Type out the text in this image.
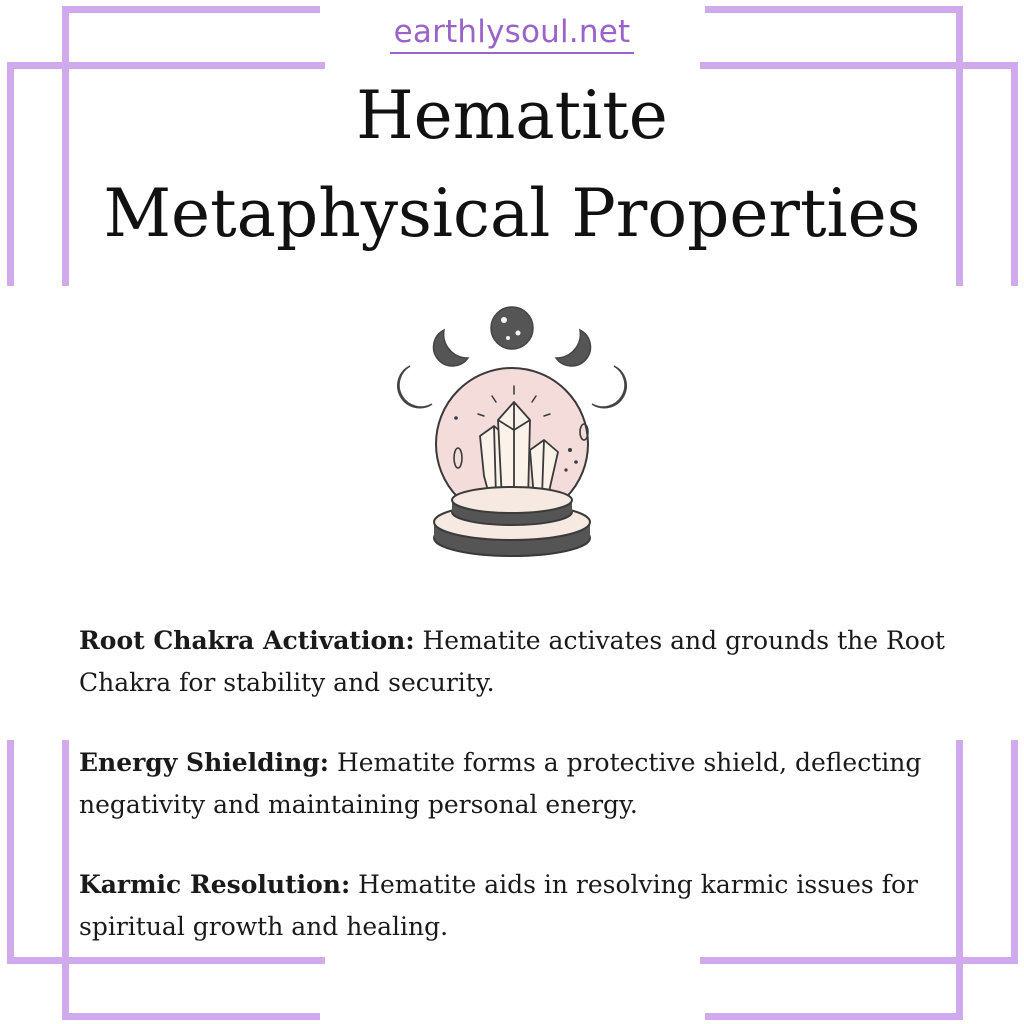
earthlysoul.net
Hematite
Metaphysical Properties

Root Chakra Activation: Hematite activates and grounds the Root Chakra for stability and security.

Energy Shielding: Hematite forms a protective shield, deflecting negativity and maintaining personal energy.

Karmic Resolution: Hematite aids in resolving karmic issues for spiritual growth and healing.
